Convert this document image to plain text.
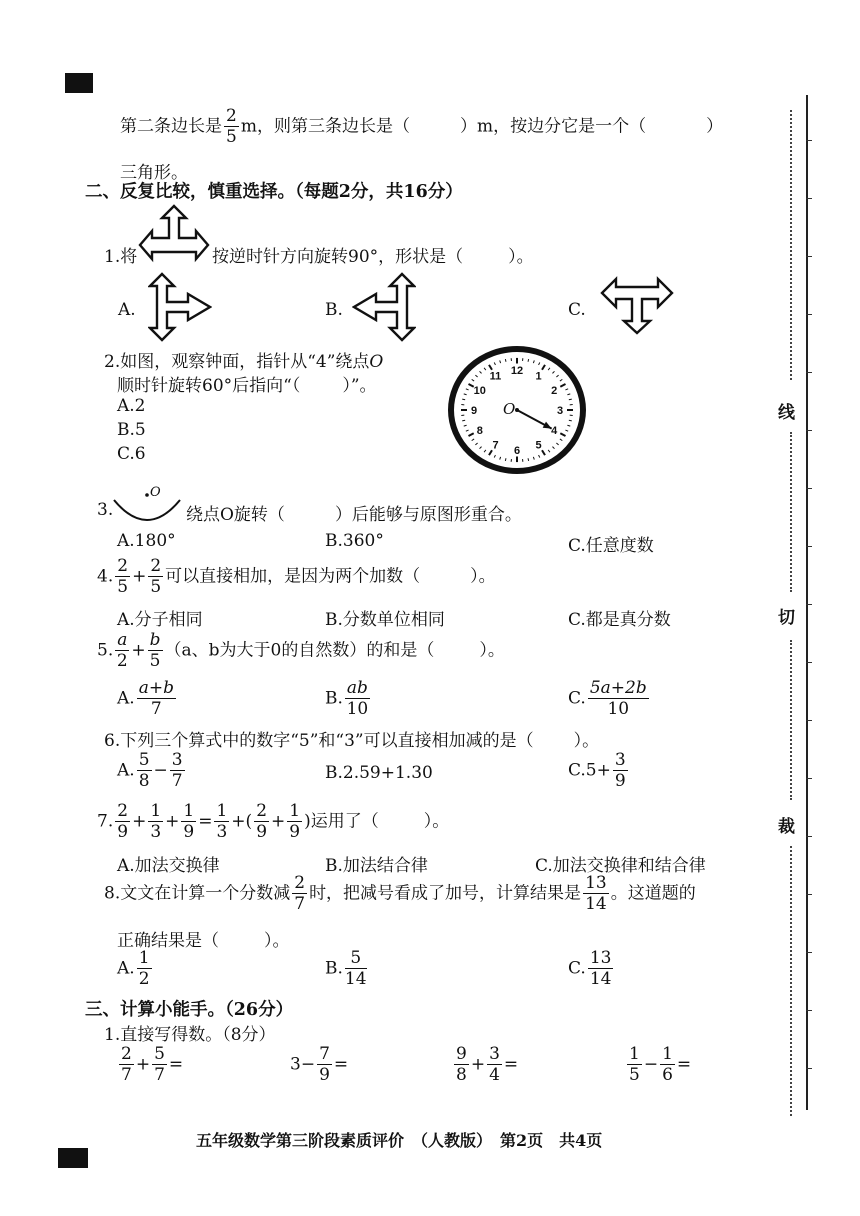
线
切
裁
第二条边长是 $\frac{2}{5}$ m，则第三条边长是（	）m，按边分它是一个（	）
三角形。
二、反复比较，慎重选择。（每题2分，共16分）
1.将	按逆时针方向旋转90°，形状是（	）。
A.	B.	C.
2.如图，观察钟面，指针从“4”绕点O
顺时针旋转60°后指向“（ ）”。
A.2
B.5
C.6
12 1
2
3
4
5
6
7
8
9
10
11
O
3.
O
绕点O旋转（	）后能够与原图形重合。
A.180°	B.360°	C.任意度数
4. $\frac{2}{5} + \frac{2}{5}$ 可以直接相加，是因为两个加数（	）。
A.分子相同	B.分数单位相同	C.都是真分数
5. $\frac{a}{2} + \frac{b}{5} (a$、b为大于0的自然数）的和是（	）。
A. $\frac{a+b}{7}$	B. $\frac{ab}{10}$	C. $\frac{5a+2b}{10}$
6.下列三个算式中的数字“5”和“3”可以直接相加减的是（ ）。
A. $\frac{5}{8} - \frac{3}{7}$	B.2.59+1.30	$C.5+ \frac{3}{9}$
7. $\frac{2}{9} + \frac{1}{3} + \frac{1}{9} = \frac{1}{3}$ +( $\frac{2}{9} + \frac{1}{9}$ )运用了（	）。
A.加法交换律	B.加法结合律	C.加法交换律和结合律
8.文文在计算一个分数减 $\frac{2}{7}$ 时，把减号看成了加号，计算结果是 $\frac{13}{14}$ 。这道题的
正确结果是（	）。
A. $\frac{1}{2}$	B. $\frac{5}{14}$	C. $\frac{13}{14}$
三、计算小能手。（26分）
1.直接写得数。（8分）
$\frac{2}{7} + \frac{5}{7}$ =	$3- \frac{7}{9}$ =	$\frac{9}{8} + \frac{3}{4}$ =	$\frac{1}{5} - \frac{1}{6}$ =
五年级数学第三阶段素质评价　（人教版）　第2页　共4页
